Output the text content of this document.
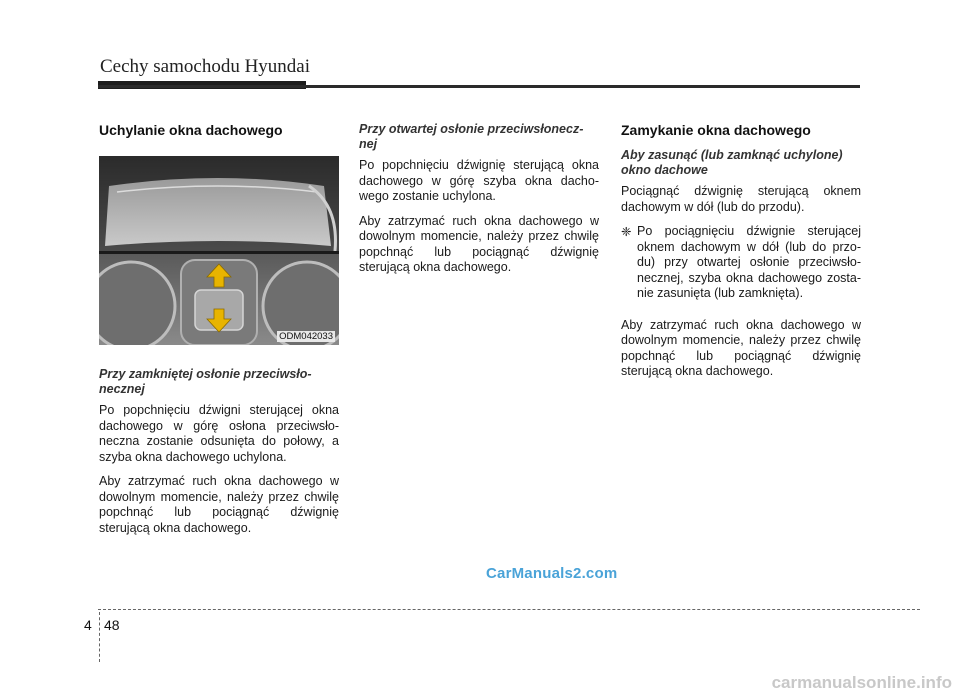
Cechy samochodu Hyundai
Uchylanie okna dachowego
ODM042033
Przy zamkniętej osłonie przeciwsło-
necznej

Po popchnięciu dźwigni sterującej okna dachowego w górę osłona przeciwsło-neczna zostanie odsunięta do połowy, a szyba okna dachowego uchylona.

Aby zatrzymać ruch okna dachowego w dowolnym momencie, należy przez chwilę popchnąć lub pociągnąć dźwignię sterującą okna dachowego.

Przy otwartej osłonie przeciwsłonecz-
nej

Po popchnięciu dźwignię sterującą okna dachowego w górę szyba okna dacho-wego zostanie uchylona.

Aby zatrzymać ruch okna dachowego w dowolnym momencie, należy przez chwilę popchnąć lub pociągnąć dźwignię sterującą okna dachowego.

Zamykanie okna dachowego
Aby zasunąć (lub zamknąć uchylone) okno dachowe

Pociągnąć dźwignię sterującą oknem dachowym w dół (lub do przodu).

❈ Po pociągnięciu dźwignie sterującej oknem dachowym w dół (lub do przo-du) przy otwartej osłonie przeciwsło-necznej, szyba okna dachowego zosta-nie zasunięta (lub zamknięta).

Aby zatrzymać ruch okna dachowego w dowolnym momencie, należy przez chwilę popchnąć lub pociągnąć dźwignię sterującą okna dachowego.

CarManuals2.com
4 48
carmanualsonline.info
